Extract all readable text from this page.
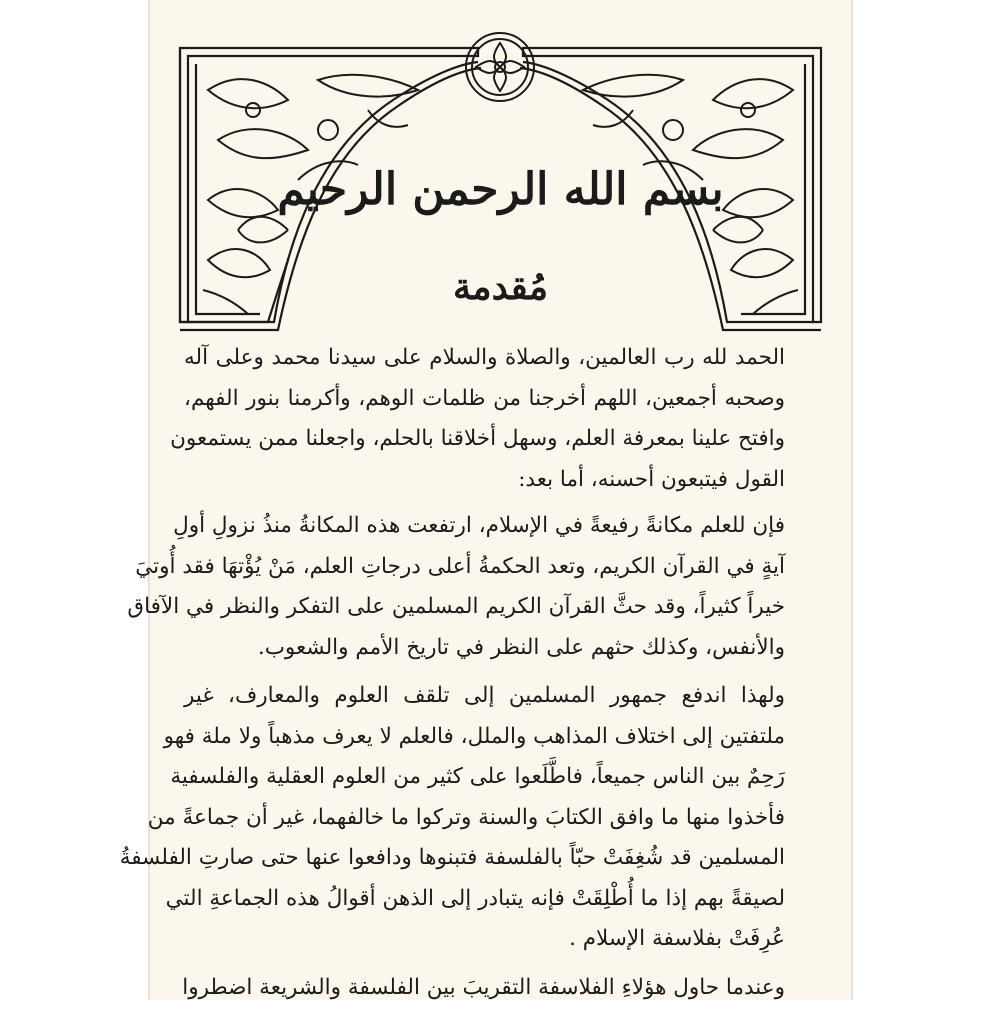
بسم الله الرحمن الرحيم
مُقدمة
الحمد لله رب العالمين، والصلاة والسلام على سيدنا محمد وعلى آله
وصحبه أجمعين، اللهم أخرجنا من ظلمات الوهم، وأكرمنا بنور الفهم،
وافتح علينا بمعرفة العلم، وسهل أخلاقنا بالحلم، واجعلنا ممن يستمعون
القول فيتبعون أحسنه، أما بعد:
فإن للعلم مكانةً رفيعةً في الإسلام، ارتفعت هذه المكانةُ منذُ نزولِ أولِ
آيةٍ في القرآن الكريم، وتعد الحكمةُ أعلى درجاتِ العلم، مَنْ يُؤْتهَا فقد أُوتيَ
خيراً كثيراً، وقد حثَّ القرآن الكريم المسلمين على التفكر والنظر في الآفاق
والأنفس، وكذلك حثهم على النظر في تاريخ الأمم والشعوب.
ولهذا اندفع جمهور المسلمين إلى تلقف العلوم والمعارف، غير
ملتفتين إلى اختلاف المذاهب والملل، فالعلم لا يعرف مذهباً ولا ملة فهو
رَحِمٌ بين الناس جميعاً، فاطَّلَعوا على كثير من العلوم العقلية والفلسفية
فأخذوا منها ما وافق الكتابَ والسنة وتركوا ما خالفهما، غير أن جماعةً من
المسلمين قد شُغِفَتْ حبّاً بالفلسفة فتبنوها ودافعوا عنها حتى صارتِ الفلسفةُ
لصيقةً بهم إذا ما أُطْلِقَتْ فإنه يتبادر إلى الذهن أقوالُ هذه الجماعةِ التي
عُرِفَتْ بفلاسفة الإسلام .
وعندما حاول هؤلاءِ الفلاسفة التقريبَ بين الفلسفة والشريعة اضطروا
